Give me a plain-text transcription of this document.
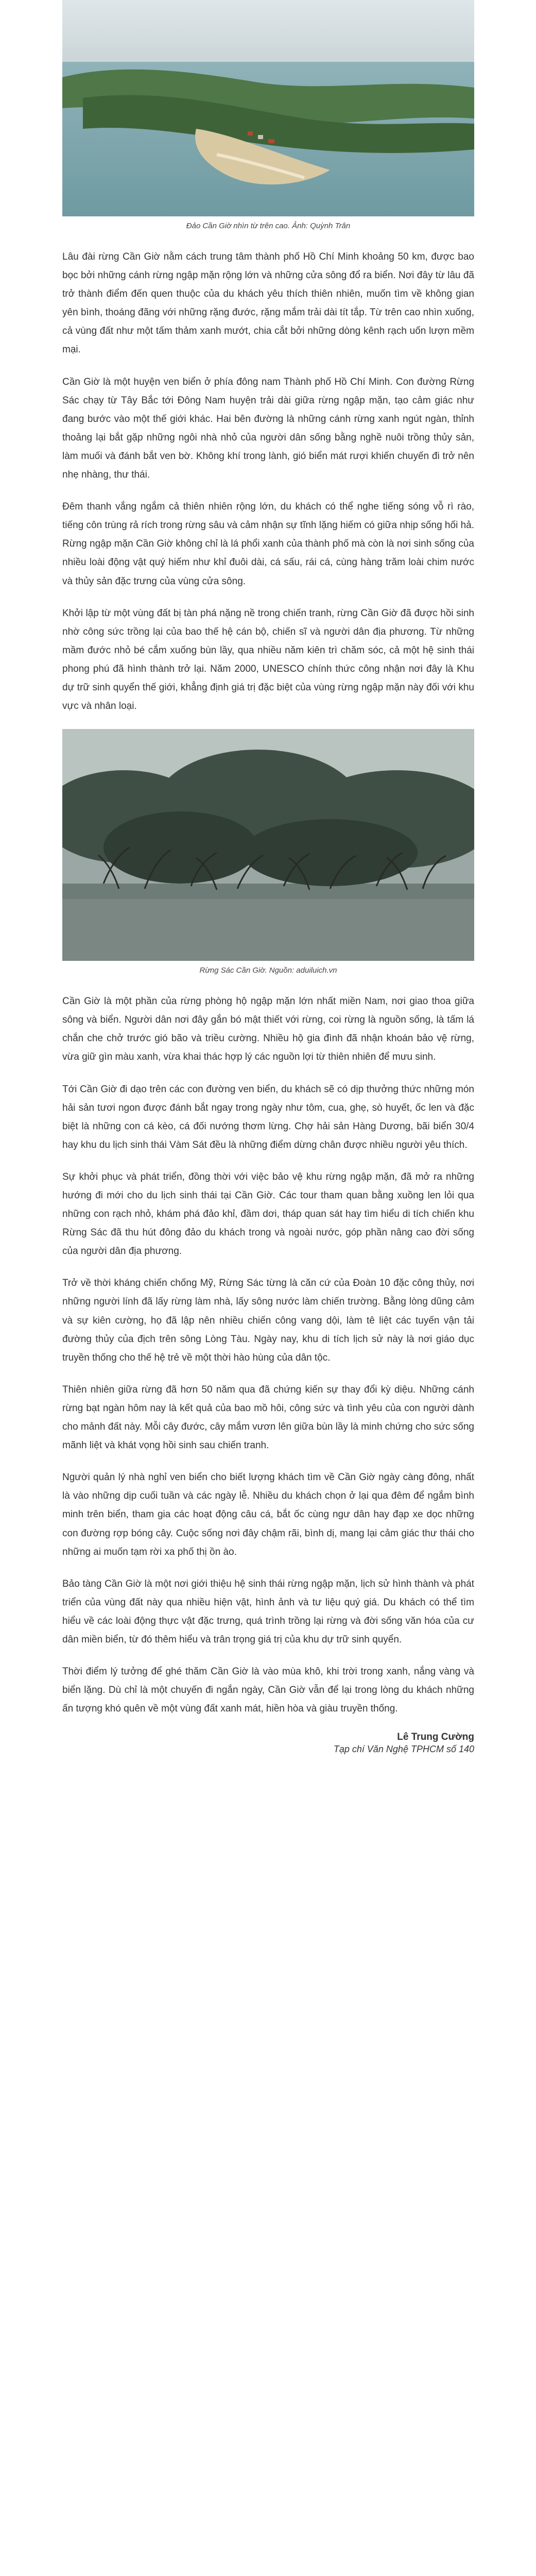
Đảo Cần Giờ nhìn từ trên cao. Ảnh: Quỳnh Trân

Lâu đài rừng Cần Giờ nằm cách trung tâm thành phố Hồ Chí Minh khoảng 50 km, được bao bọc bởi những cánh rừng ngập mặn rộng lớn và những cửa sông đổ ra biển. Nơi đây từ lâu đã trở thành điểm đến quen thuộc của du khách yêu thích thiên nhiên, muốn tìm về không gian yên bình, thoáng đãng với những rặng đước, rặng mắm trải dài tít tắp. Từ trên cao nhìn xuống, cả vùng đất như một tấm thảm xanh mướt, chia cắt bởi những dòng kênh rạch uốn lượn mềm mại.

Cần Giờ là một huyện ven biển ở phía đông nam Thành phố Hồ Chí Minh. Con đường Rừng Sác chạy từ Tây Bắc tới Đông Nam huyện trải dài giữa rừng ngập mặn, tạo cảm giác như đang bước vào một thế giới khác. Hai bên đường là những cánh rừng xanh ngút ngàn, thỉnh thoảng lại bắt gặp những ngôi nhà nhỏ của người dân sống bằng nghề nuôi trồng thủy sản, làm muối và đánh bắt ven bờ. Không khí trong lành, gió biển mát rượi khiến chuyến đi trở nên nhẹ nhàng, thư thái.

Đêm thanh vắng ngắm cả thiên nhiên rộng lớn, du khách có thể nghe tiếng sóng vỗ rì rào, tiếng côn trùng rả rích trong rừng sâu và cảm nhận sự tĩnh lặng hiếm có giữa nhịp sống hối hả. Rừng ngập mặn Cần Giờ không chỉ là lá phổi xanh của thành phố mà còn là nơi sinh sống của nhiều loài động vật quý hiếm như khỉ đuôi dài, cá sấu, rái cá, cùng hàng trăm loài chim nước và thủy sản đặc trưng của vùng cửa sông.

Khởi lập từ một vùng đất bị tàn phá nặng nề trong chiến tranh, rừng Cần Giờ đã được hồi sinh nhờ công sức trồng lại của bao thế hệ cán bộ, chiến sĩ và người dân địa phương. Từ những mầm đước nhỏ bé cắm xuống bùn lầy, qua nhiều năm kiên trì chăm sóc, cả một hệ sinh thái phong phú đã hình thành trở lại. Năm 2000, UNESCO chính thức công nhận nơi đây là Khu dự trữ sinh quyển thế giới, khẳng định giá trị đặc biệt của vùng rừng ngập mặn này đối với khu vực và nhân loại.

Rừng Sác Cần Giờ. Nguồn: aduiluich.vn

Cần Giờ là một phần của rừng phòng hộ ngập mặn lớn nhất miền Nam, nơi giao thoa giữa sông và biển. Người dân nơi đây gắn bó mật thiết với rừng, coi rừng là nguồn sống, là tấm lá chắn che chở trước gió bão và triều cường. Nhiều hộ gia đình đã nhận khoán bảo vệ rừng, vừa giữ gìn màu xanh, vừa khai thác hợp lý các nguồn lợi từ thiên nhiên để mưu sinh.

Tới Cần Giờ đi dạo trên các con đường ven biển, du khách sẽ có dịp thưởng thức những món hải sản tươi ngon được đánh bắt ngay trong ngày như tôm, cua, ghẹ, sò huyết, ốc len và đặc biệt là những con cá kèo, cá đối nướng thơm lừng. Chợ hải sản Hàng Dương, bãi biển 30/4 hay khu du lịch sinh thái Vàm Sát đều là những điểm dừng chân được nhiều người yêu thích.

Sự khởi phục và phát triển, đồng thời với việc bảo vệ khu rừng ngập mặn, đã mở ra những hướng đi mới cho du lịch sinh thái tại Cần Giờ. Các tour tham quan bằng xuồng len lỏi qua những con rạch nhỏ, khám phá đảo khỉ, đầm dơi, tháp quan sát hay tìm hiểu di tích chiến khu Rừng Sác đã thu hút đông đảo du khách trong và ngoài nước, góp phần nâng cao đời sống của người dân địa phương.

Trở về thời kháng chiến chống Mỹ, Rừng Sác từng là căn cứ của Đoàn 10 đặc công thủy, nơi những người lính đã lấy rừng làm nhà, lấy sông nước làm chiến trường. Bằng lòng dũng cảm và sự kiên cường, họ đã lập nên nhiều chiến công vang dội, làm tê liệt các tuyến vận tải đường thủy của địch trên sông Lòng Tàu. Ngày nay, khu di tích lịch sử này là nơi giáo dục truyền thống cho thế hệ trẻ về một thời hào hùng của dân tộc.

Thiên nhiên giữa rừng đã hơn 50 năm qua đã chứng kiến sự thay đổi kỳ diệu. Những cánh rừng bạt ngàn hôm nay là kết quả của bao mồ hôi, công sức và tình yêu của con người dành cho mảnh đất này. Mỗi cây đước, cây mắm vươn lên giữa bùn lầy là minh chứng cho sức sống mãnh liệt và khát vọng hồi sinh sau chiến tranh.

Người quản lý nhà nghỉ ven biển cho biết lượng khách tìm về Cần Giờ ngày càng đông, nhất là vào những dịp cuối tuần và các ngày lễ. Nhiều du khách chọn ở lại qua đêm để ngắm bình minh trên biển, tham gia các hoạt động câu cá, bắt ốc cùng ngư dân hay đạp xe dọc những con đường rợp bóng cây. Cuộc sống nơi đây chậm rãi, bình dị, mang lại cảm giác thư thái cho những ai muốn tạm rời xa phố thị ồn ào.

Bảo tàng Cần Giờ là một nơi giới thiệu hệ sinh thái rừng ngập mặn, lịch sử hình thành và phát triển của vùng đất này qua nhiều hiện vật, hình ảnh và tư liệu quý giá. Du khách có thể tìm hiểu về các loài động thực vật đặc trưng, quá trình trồng lại rừng và đời sống văn hóa của cư dân miền biển, từ đó thêm hiểu và trân trọng giá trị của khu dự trữ sinh quyển.

Thời điểm lý tưởng để ghé thăm Cần Giờ là vào mùa khô, khi trời trong xanh, nắng vàng và biển lặng. Dù chỉ là một chuyến đi ngắn ngày, Cần Giờ vẫn để lại trong lòng du khách những ấn tượng khó quên về một vùng đất xanh mát, hiền hòa và giàu truyền thống.

Lê Trung Cường

Tạp chí Văn Nghệ TPHCM số 140
